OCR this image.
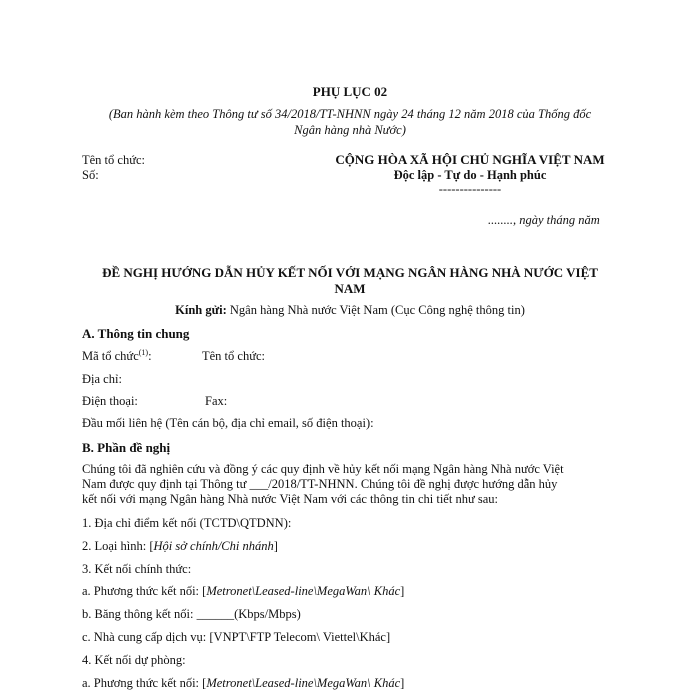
PHỤ LỤC 02
(Ban hành kèm theo Thông tư số 34/2018/TT-NHNN ngày 24 tháng 12 năm 2018 của Thống đốc
Ngân hàng nhà Nước)
Tên tổ chức:
Số:
CỘNG HÒA XÃ HỘI CHỦ NGHĨA VIỆT NAM
Độc lập - Tự do - Hạnh phúc
---------------
........, ngày tháng năm
ĐỀ NGHỊ HƯỚNG DẪN HỦY KẾT NỐI VỚI MẠNG NGÂN HÀNG NHÀ NƯỚC VIỆT
NAM
Kính gửi: Ngân hàng Nhà nước Việt Nam (Cục Công nghệ thông tin)
A. Thông tin chung
Mã tổ chức$^{(1)}$:	Tên tổ chức:
Địa chỉ:
Điện thoại:	Fax:
Đầu mối liên hệ (Tên cán bộ, địa chỉ email, số điện thoại):
B. Phần đề nghị
Chúng tôi đã nghiên cứu và đồng ý các quy định về hủy kết nối mạng Ngân hàng Nhà nước Việt
Nam được quy định tại Thông tư ___/2018/TT-NHNN. Chúng tôi đề nghị được hướng dẫn hủy
kết nối với mạng Ngân hàng Nhà nước Việt Nam với các thông tin chi tiết như sau:
1. Địa chỉ điểm kết nối (TCTD\QTDNN):
2. Loại hình: [Hội sở chính/Chi nhánh]
3. Kết nối chính thức:
a. Phương thức kết nối: [Metronet\Leased-line\MegaWan\ Khác]
b. Băng thông kết nối: ______(Kbps/Mbps)
c. Nhà cung cấp dịch vụ: [VNPT\FTP Telecom\ Viettel\Khác]
4. Kết nối dự phòng:
a. Phương thức kết nối: [Metronet\Leased-line\MegaWan\ Khác]
